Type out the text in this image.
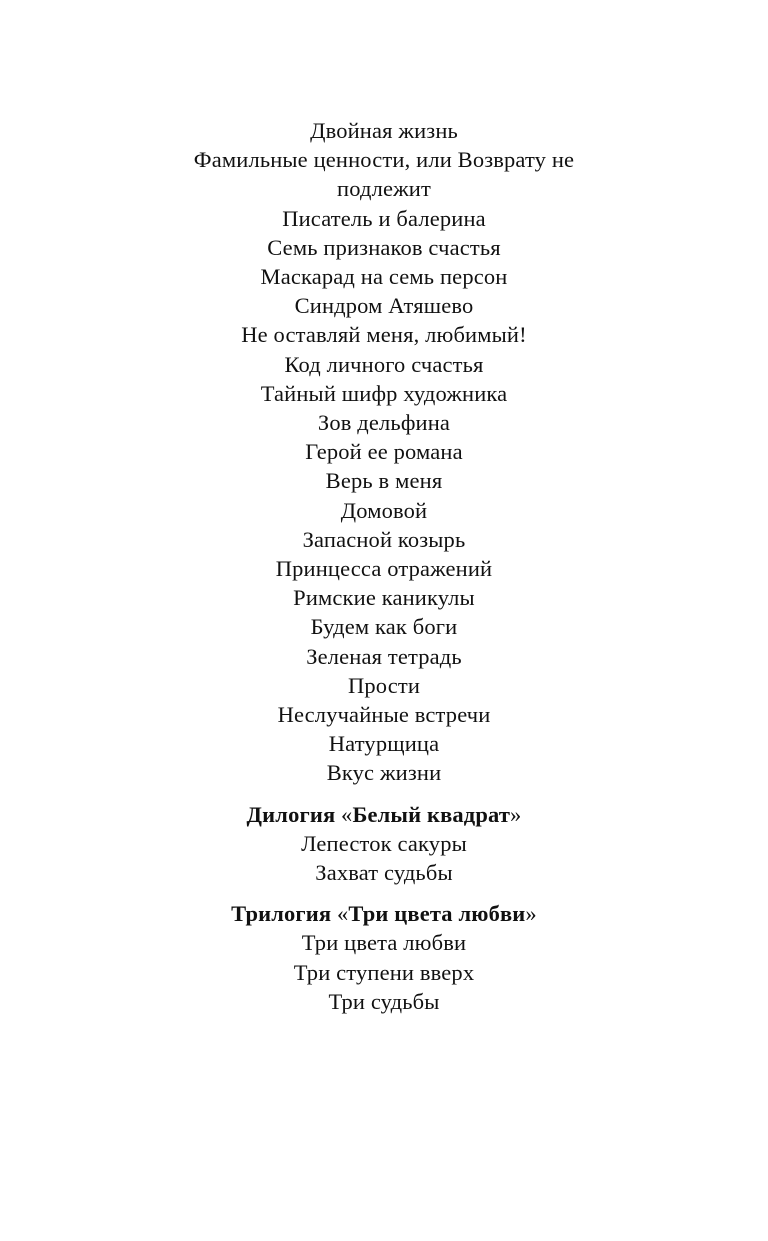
Двойная жизнь
Фамильные ценности, или Возврату не подлежит
Писатель и балерина
Семь признаков счастья
Маскарад на семь персон
Синдром Атяшево
Не оставляй меня, любимый!
Код личного счастья
Тайный шифр художника
Зов дельфина
Герой ее романа
Верь в меня
Домовой
Запасной козырь
Принцесса отражений
Римские каникулы
Будем как боги
Зеленая тетрадь
Прости
Неслучайные встречи
Натурщица
Вкус жизни
Дилогия «Белый квадрат»
Лепесток сакуры
Захват судьбы
Трилогия «Три цвета любви»
Три цвета любви
Три ступени вверх
Три судьбы
